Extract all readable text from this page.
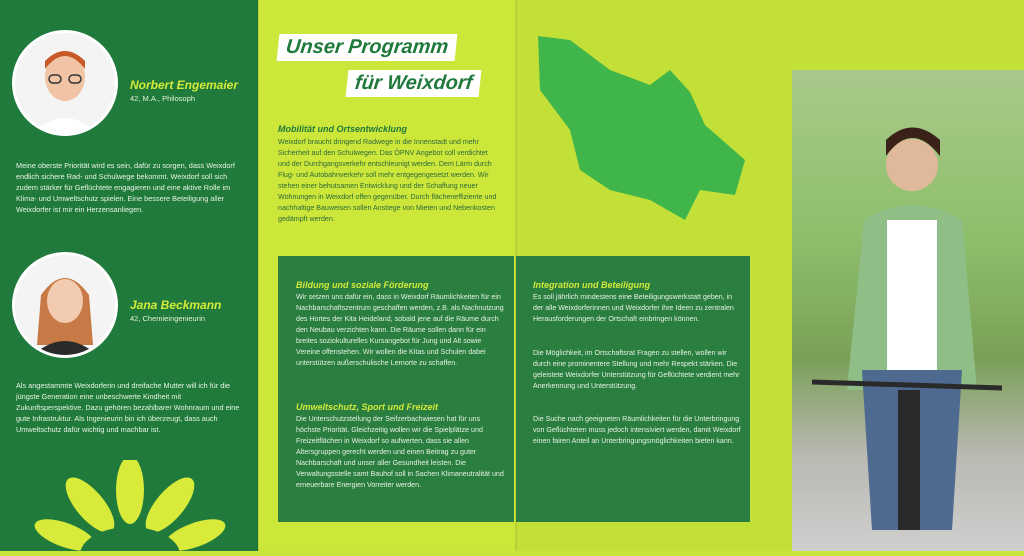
Norbert Engemaier
42, M.A., Philosoph
Meine oberste Priorität wird es sein, dafür zu sorgen, dass Weixdorf endlich sichere Rad- und Schulwege bekommt. Weixdorf soll sich zudem stärker für Geflüchtete engagieren und eine aktive Rolle im Klima- und Umweltschutz spielen. Eine bessere Beteiligung aller Weixdorfer ist mir ein Herzensanliegen.
Jana Beckmann
42, Chemieingenieurin
Als angestammte Weixdorferin und dreifache Mutter will ich für die jüngste Generation eine unbeschwerte Kindheit mit Zukunftsperspektive. Dazu gehören bezahlbarer Wohnraum und eine gute Infrastruktur. Als Ingenieurin bin ich überzeugt, dass auch Umweltschutz dafür wichtig und machbar ist.
Unser Programm
für Weixdorf
Mobilität und Ortsentwicklung
Weixdorf braucht dringend Radwege in die Innenstadt und mehr Sicherheit auf den Schulwegen. Das ÖPNV Angebot soll verdichtet und der Durchgangsverkehr entschleunigt werden. Dem Lärm durch Flug- und Autobahnverkehr soll mehr entgegengesetzt werden. Wir stehen einer behutsamen Entwicklung und der Schaffung neuer Wohnungen in Weixdorf offen gegenüber. Durch flächeneffiziente und nachhaltige Bauweisen sollen Anstiege von Mieten und Nebenkosten gedämpft werden.
Bildung und soziale Förderung
Wir setzen uns dafür ein, dass in Weixdorf Räumlichkeiten für ein Nachbarschaftszentrum geschaffen werden, z.B. als Nachnutzung des Hortes der Kita Heideland, sobald jene auf die Räume durch den Neubau verzichten kann. Die Räume sollen dann für ein breites soziokulturelles Kursangebot für Jung und Alt sowie Vereine offenstehen. Wir wollen die Kitas und Schulen dabei unterstützen außerschulische Lernorte zu schaffen.
Umweltschutz, Sport und Freizeit
Die Unterschutzstellung der Seifzerbachwiesen hat für uns höchste Priorität. Gleichzeitig wollen wir die Spielplätze und Freizeitflächen in Weixdorf so aufwerten, dass sie allen Altersgruppen gerecht werden und einen Beitrag zu guter Nachbarschaft und unser aller Gesundheit leisten. Die Verwaltungsstelle samt Bauhof soll in Sachen Klimaneutralität und erneuerbare Energien Vorreiter werden.
Integration und Beteiligung
Es soll jährlich mindestens eine Beteiligungswerkstatt geben, in der alle Weixdorferinnen und Weixdorfer ihre Ideen zu zentralen Herausforderungen der Ortschaft einbringen können.
Die Möglichkeit, im Ortschaftsrat Fragen zu stellen, wollen wir durch eine prominentere Stellung und mehr Respekt stärken. Die geleistete Weixdorfer Unterstützung für Geflüchtete verdient mehr Anerkennung und Unterstützung.
Die Suche nach geeigneten Räumlichkeiten für die Unterbringung von Geflüchteten muss jedoch intensiviert werden, damit Weixdorf einen fairen Anteil an Unterbringungsmöglichkeiten bieten kann.
